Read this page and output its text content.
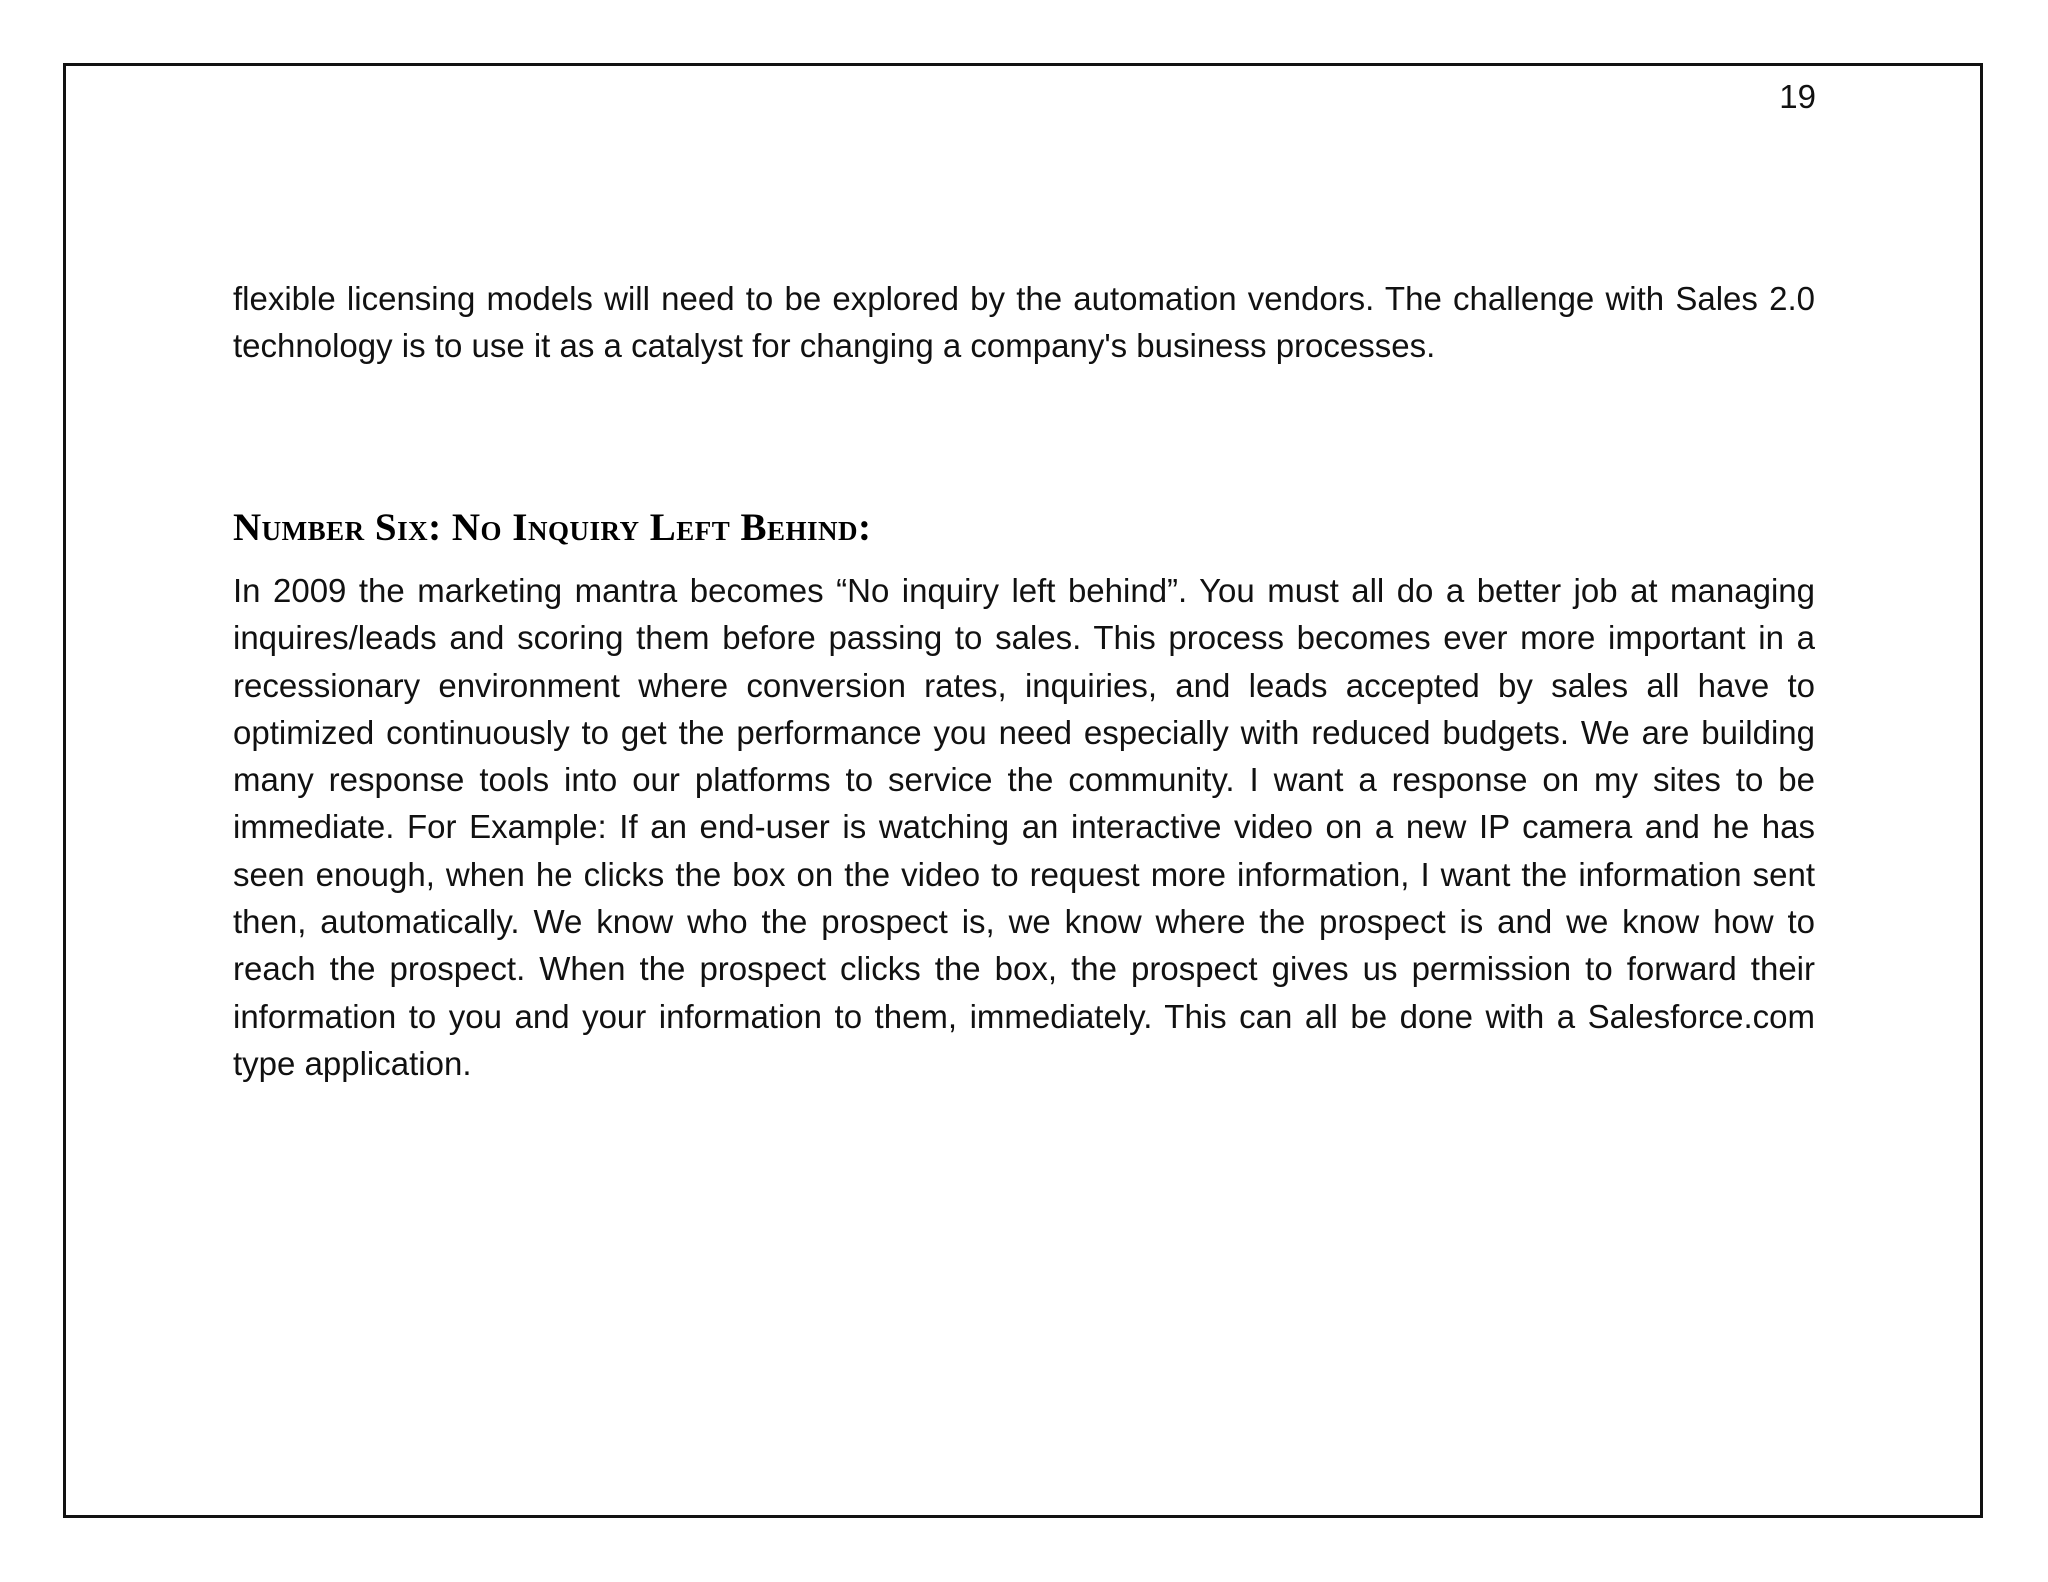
19

flexible licensing models will need to be explored by the automation vendors. The challenge with Sales 2.0 technology is to use it as a catalyst for changing a company's business processes.

Number Six: No Inquiry Left Behind:

In 2009 the marketing mantra becomes “No inquiry left behind”. You must all do a better job at managing inquires/leads and scoring them before passing to sales. This process becomes ever more important in a recessionary environment where conversion rates, inquiries, and leads accepted by sales all have to optimized continuously to get the performance you need especially with reduced budgets. We are building many response tools into our platforms to service the community. I want a response on my sites to be immediate. For Example: If an end-user is watching an interactive video on a new IP camera and he has seen enough, when he clicks the box on the video to request more information, I want the information sent then, automatically. We know who the prospect is, we know where the prospect is and we know how to reach the prospect. When the prospect clicks the box, the prospect gives us permission to forward their information to you and your information to them, immediately. This can all be done with a Salesforce.com type application.
